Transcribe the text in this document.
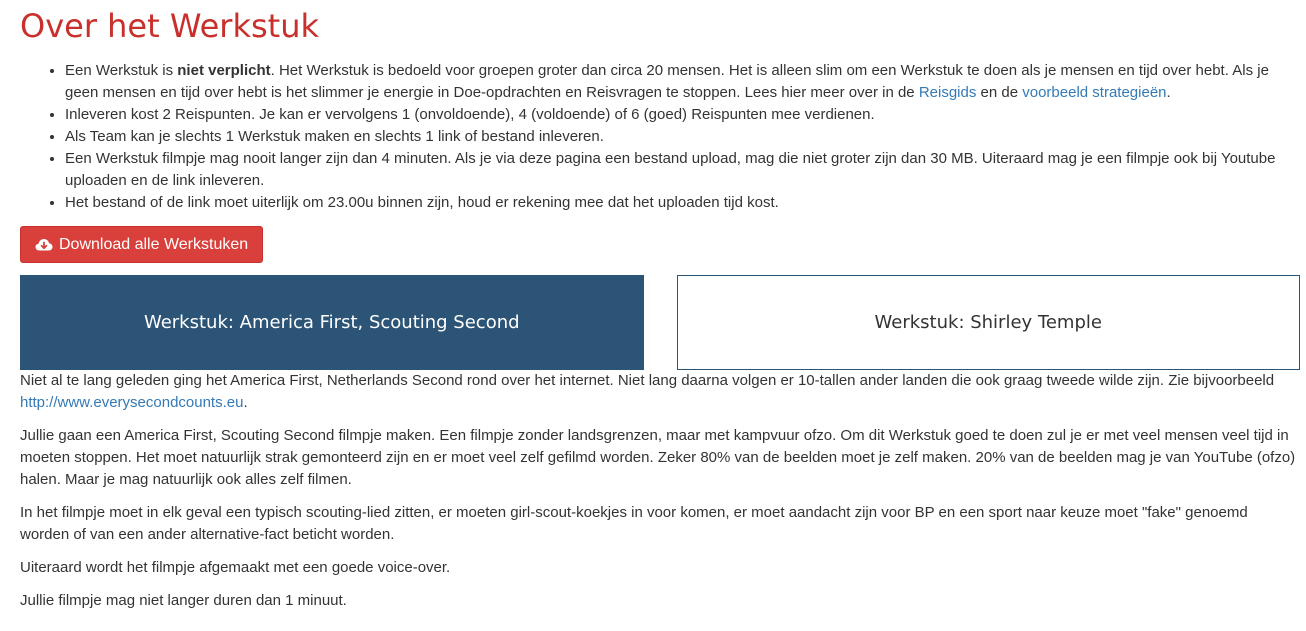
Over het Werkstuk
• Een Werkstuk is niet verplicht. Het Werkstuk is bedoeld voor groepen groter dan circa 20 mensen. Het is alleen slim om een Werkstuk te doen als je mensen en tijd over hebt. Als je geen mensen en tijd over hebt is het slimmer je energie in Doe-opdrachten en Reisvragen te stoppen. Lees hier meer over in de Reisgids en de voorbeeld strategieën.
• Inleveren kost 2 Reispunten. Je kan er vervolgens 1 (onvoldoende), 4 (voldoende) of 6 (goed) Reispunten mee verdienen.
• Als Team kan je slechts 1 Werkstuk maken en slechts 1 link of bestand inleveren.
• Een Werkstuk filmpje mag nooit langer zijn dan 4 minuten. Als je via deze pagina een bestand upload, mag die niet groter zijn dan 30 MB. Uiteraard mag je een filmpje ook bij Youtube uploaden en de link inleveren.
• Het bestand of de link moet uiterlijk om 23.00u binnen zijn, houd er rekening mee dat het uploaden tijd kost.
Download alle Werkstuken
Werkstuk: America First, Scouting Second	Werkstuk: Shirley Temple

Niet al te lang geleden ging het America First, Netherlands Second rond over het internet. Niet lang daarna volgen er 10-tallen ander landen die ook graag tweede wilde zijn. Zie bijvoorbeeld http://www.everysecondcounts.eu.

Jullie gaan een America First, Scouting Second filmpje maken. Een filmpje zonder landsgrenzen, maar met kampvuur ofzo. Om dit Werkstuk goed te doen zul je er met veel mensen veel tijd in moeten stoppen. Het moet natuurlijk strak gemonteerd zijn en er moet veel zelf gefilmd worden. Zeker 80% van de beelden moet je zelf maken. 20% van de beelden mag je van YouTube (ofzo) halen. Maar je mag natuurlijk ook alles zelf filmen.

In het filmpje moet in elk geval een typisch scouting-lied zitten, er moeten girl-scout-koekjes in voor komen, er moet aandacht zijn voor BP en een sport naar keuze moet "fake" genoemd worden of van een ander alternative-fact beticht worden.

Uiteraard wordt het filmpje afgemaakt met een goede voice-over.

Jullie filmpje mag niet langer duren dan 1 minuut.
